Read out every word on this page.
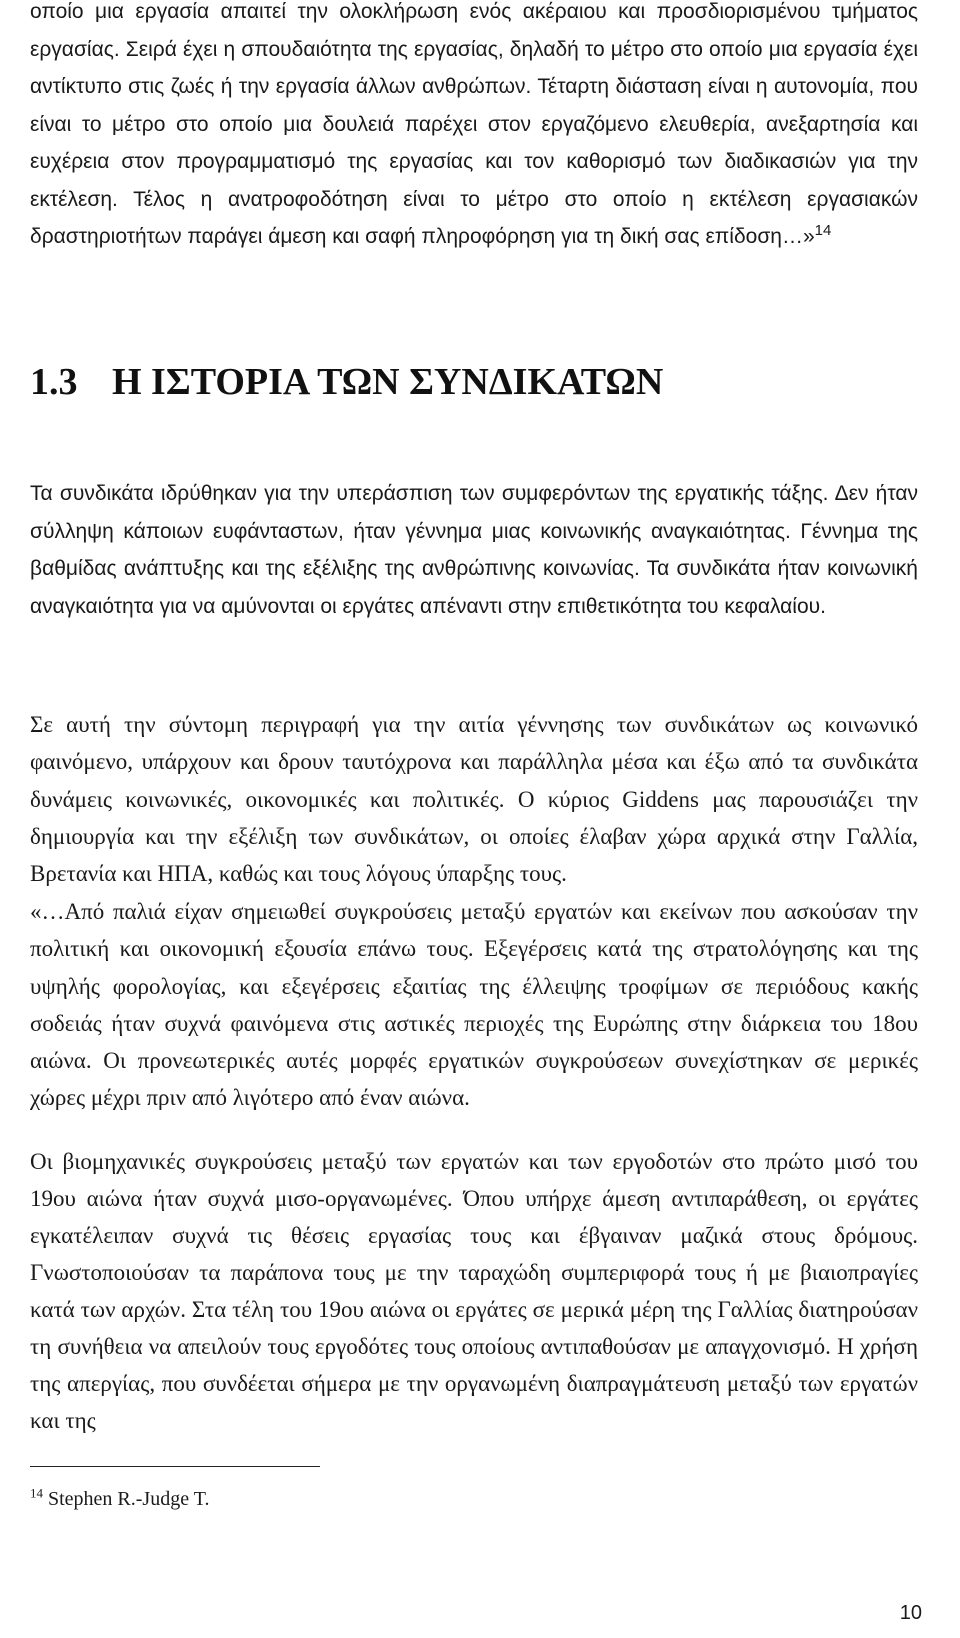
οποίο μια εργασία απαιτεί την ολοκλήρωση ενός ακέραιου και προσδιορισμένου τμήματος εργασίας. Σειρά έχει η σπουδαιότητα της εργασίας, δηλαδή το μέτρο στο οποίο μια εργασία έχει αντίκτυπο στις ζωές ή την εργασία άλλων ανθρώπων. Τέταρτη διάσταση είναι η αυτονομία, που είναι το μέτρο στο οποίο μια δουλειά παρέχει στον εργαζόμενο ελευθερία, ανεξαρτησία και ευχέρεια στον προγραμματισμό της εργασίας και τον καθορισμό των διαδικασιών για την εκτέλεση. Τέλος η ανατροφοδότηση είναι το μέτρο στο οποίο η εκτέλεση εργασιακών δραστηριοτήτων παράγει άμεση και σαφή πληροφόρηση για τη δική σας επίδοση…»$^{14}$

1.3 Η ΙΣΤΟΡΙΑ ΤΩΝ ΣΥΝΔΙΚΑΤΩΝ

Τα συνδικάτα ιδρύθηκαν για την υπεράσπιση των συμφερόντων της εργατικής τάξης. Δεν ήταν σύλληψη κάποιων ευφάνταστων, ήταν γέννημα μιας κοινωνικής αναγκαιότητας. Γέννημα της βαθμίδας ανάπτυξης και της εξέλιξης της ανθρώπινης κοινωνίας. Τα συνδικάτα ήταν κοινωνική αναγκαιότητα για να αμύνονται οι εργάτες απέναντι στην επιθετικότητα του κεφαλαίου.

Σε αυτή την σύντομη περιγραφή για την αιτία γέννησης των συνδικάτων ως κοινωνικό φαινόμενο, υπάρχουν και δρουν ταυτόχρονα και παράλληλα μέσα και έξω από τα συνδικάτα δυνάμεις κοινωνικές, οικονομικές και πολιτικές. Ο κύριος Giddens μας παρουσιάζει την δημιουργία και την εξέλιξη των συνδικάτων, οι οποίες έλαβαν χώρα αρχικά στην Γαλλία, Βρετανία και ΗΠΑ, καθώς και τους λόγους ύπαρξης τους.

«…Από παλιά είχαν σημειωθεί συγκρούσεις μεταξύ εργατών και εκείνων που ασκούσαν την πολιτική και οικονομική εξουσία επάνω τους. Εξεγέρσεις κατά της στρατολόγησης και της υψηλής φορολογίας, και εξεγέρσεις εξαιτίας της έλλειψης τροφίμων σε περιόδους κακής σοδειάς ήταν συχνά φαινόμενα στις αστικές περιοχές της Ευρώπης στην διάρκεια του 18ου αιώνα. Οι προνεωτερικές αυτές μορφές εργατικών συγκρούσεων συνεχίστηκαν σε μερικές χώρες μέχρι πριν από λιγότερο από έναν αιώνα.

Οι βιομηχανικές συγκρούσεις μεταξύ των εργατών και των εργοδοτών στο πρώτο μισό του 19ου αιώνα ήταν συχνά μισο-οργανωμένες. Όπου υπήρχε άμεση αντιπαράθεση, οι εργάτες εγκατέλειπαν συχνά τις θέσεις εργασίας τους και έβγαιναν μαζικά στους δρόμους. Γνωστοποιούσαν τα παράπονα τους με την ταραχώδη συμπεριφορά τους ή με βιαιοπραγίες κατά των αρχών. Στα τέλη του 19ου αιώνα οι εργάτες σε μερικά μέρη της Γαλλίας διατηρούσαν τη συνήθεια να απειλούν τους εργοδότες τους οποίους αντιπαθούσαν με απαγχονισμό. Η χρήση της απεργίας, που συνδέεται σήμερα με την οργανωμένη διαπραγμάτευση μεταξύ των εργατών και της

$^{14}$ Stephen R.-Judge T.

10
